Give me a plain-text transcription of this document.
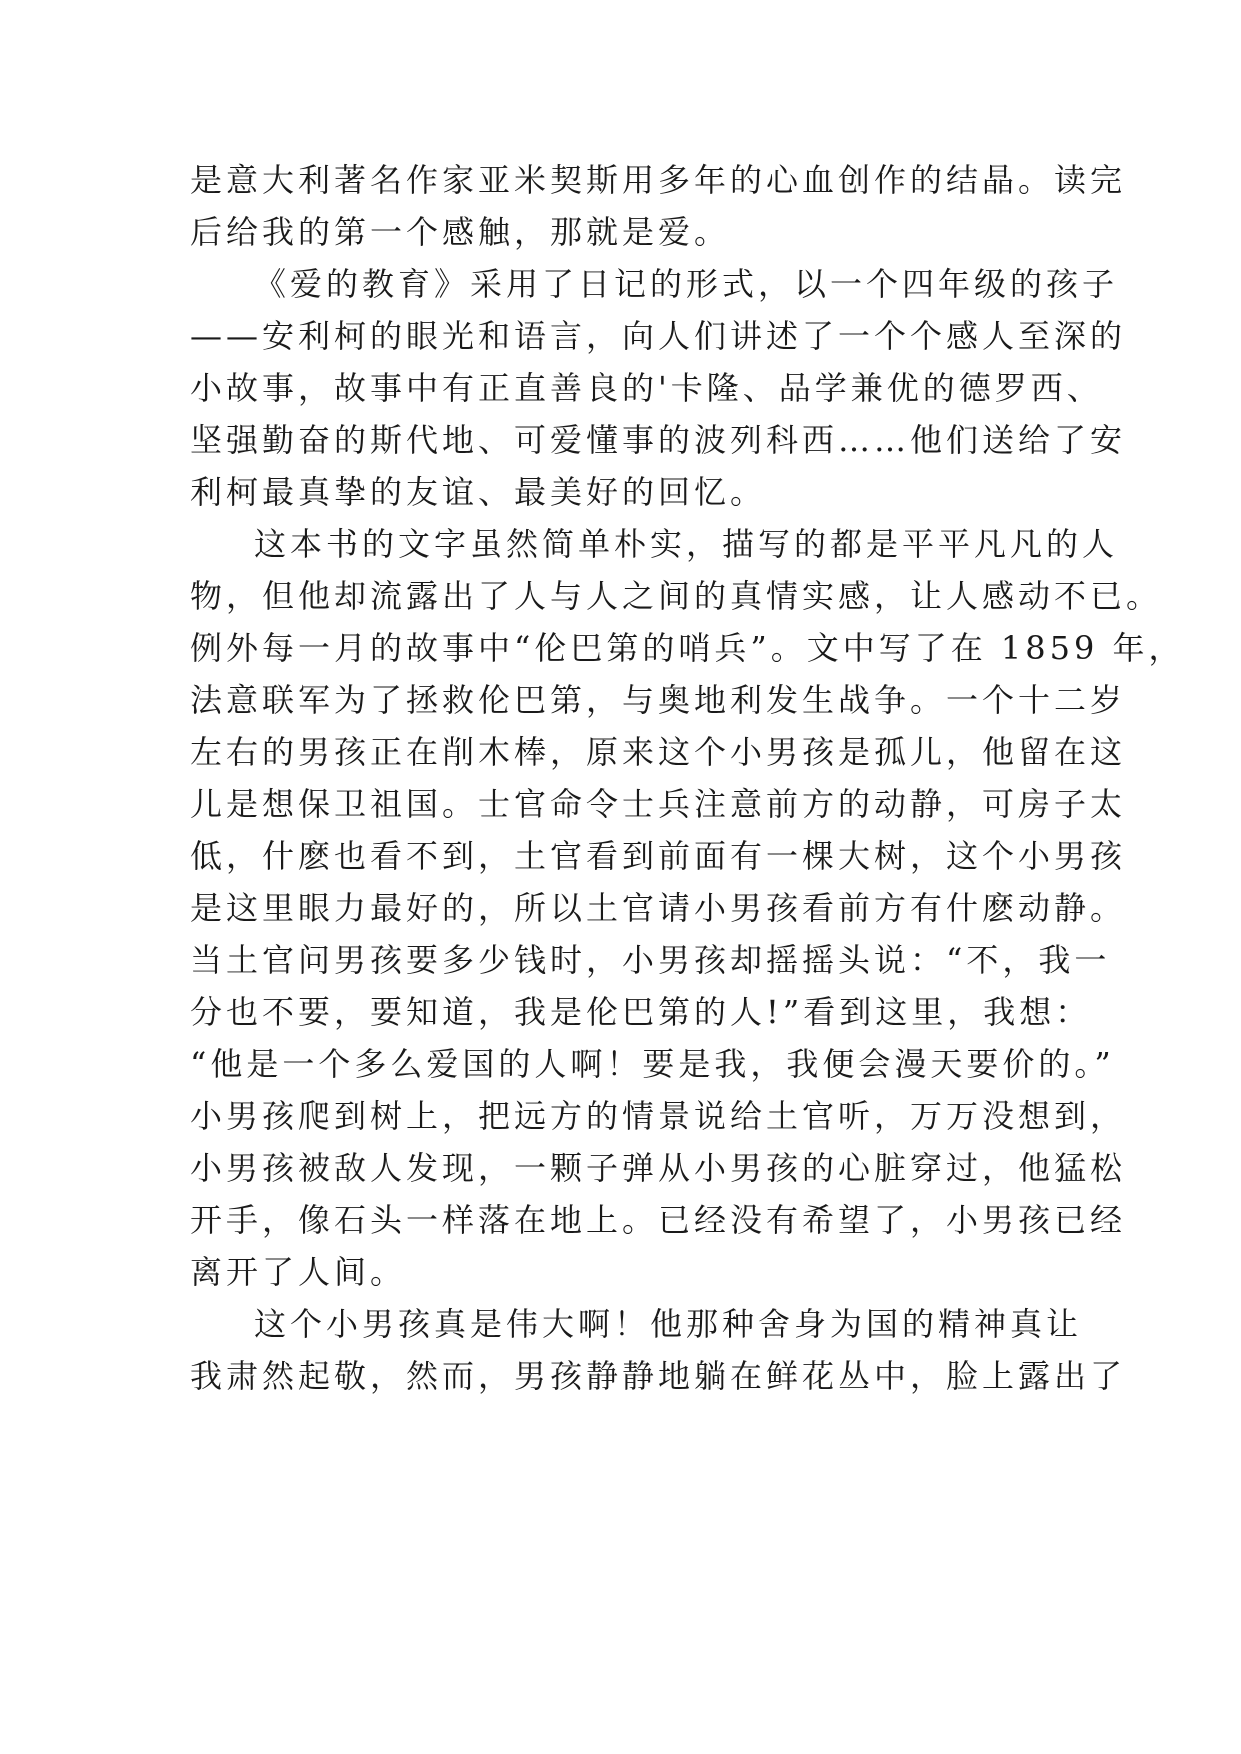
是意大利著名作家亚米契斯用多年的心血创作的结晶。读完
后给我的第一个感触，那就是爱。
《爱的教育》采用了日记的形式，以一个四年级的孩子
——安利柯的眼光和语言，向人们讲述了一个个感人至深的
小故事，故事中有正直善良的'卡隆、品学兼优的德罗西、
坚强勤奋的斯代地、可爱懂事的波列科西……他们送给了安
利柯最真挚的友谊、最美好的回忆。
这本书的文字虽然简单朴实，描写的都是平平凡凡的人
物，但他却流露出了人与人之间的真情实感，让人感动不已。
例外每一月的故事中“伦巴第的哨兵”。文中写了在 1859 年，
法意联军为了拯救伦巴第，与奥地利发生战争。一个十二岁
左右的男孩正在削木棒，原来这个小男孩是孤儿，他留在这
儿是想保卫祖国。士官命令士兵注意前方的动静，可房子太
低，什麽也看不到，土官看到前面有一棵大树，这个小男孩
是这里眼力最好的，所以土官请小男孩看前方有什麽动静。
当土官问男孩要多少钱时，小男孩却摇摇头说：“不，我一
分也不要，要知道，我是伦巴第的人!”看到这里，我想：
“他是一个多么爱国的人啊！要是我，我便会漫天要价的。”
小男孩爬到树上，把远方的情景说给土官听，万万没想到，
小男孩被敌人发现，一颗子弹从小男孩的心脏穿过，他猛松
开手，像石头一样落在地上。已经没有希望了，小男孩已经
离开了人间。
这个小男孩真是伟大啊！他那种舍身为国的精神真让
我肃然起敬，然而，男孩静静地躺在鲜花丛中，脸上露出了
